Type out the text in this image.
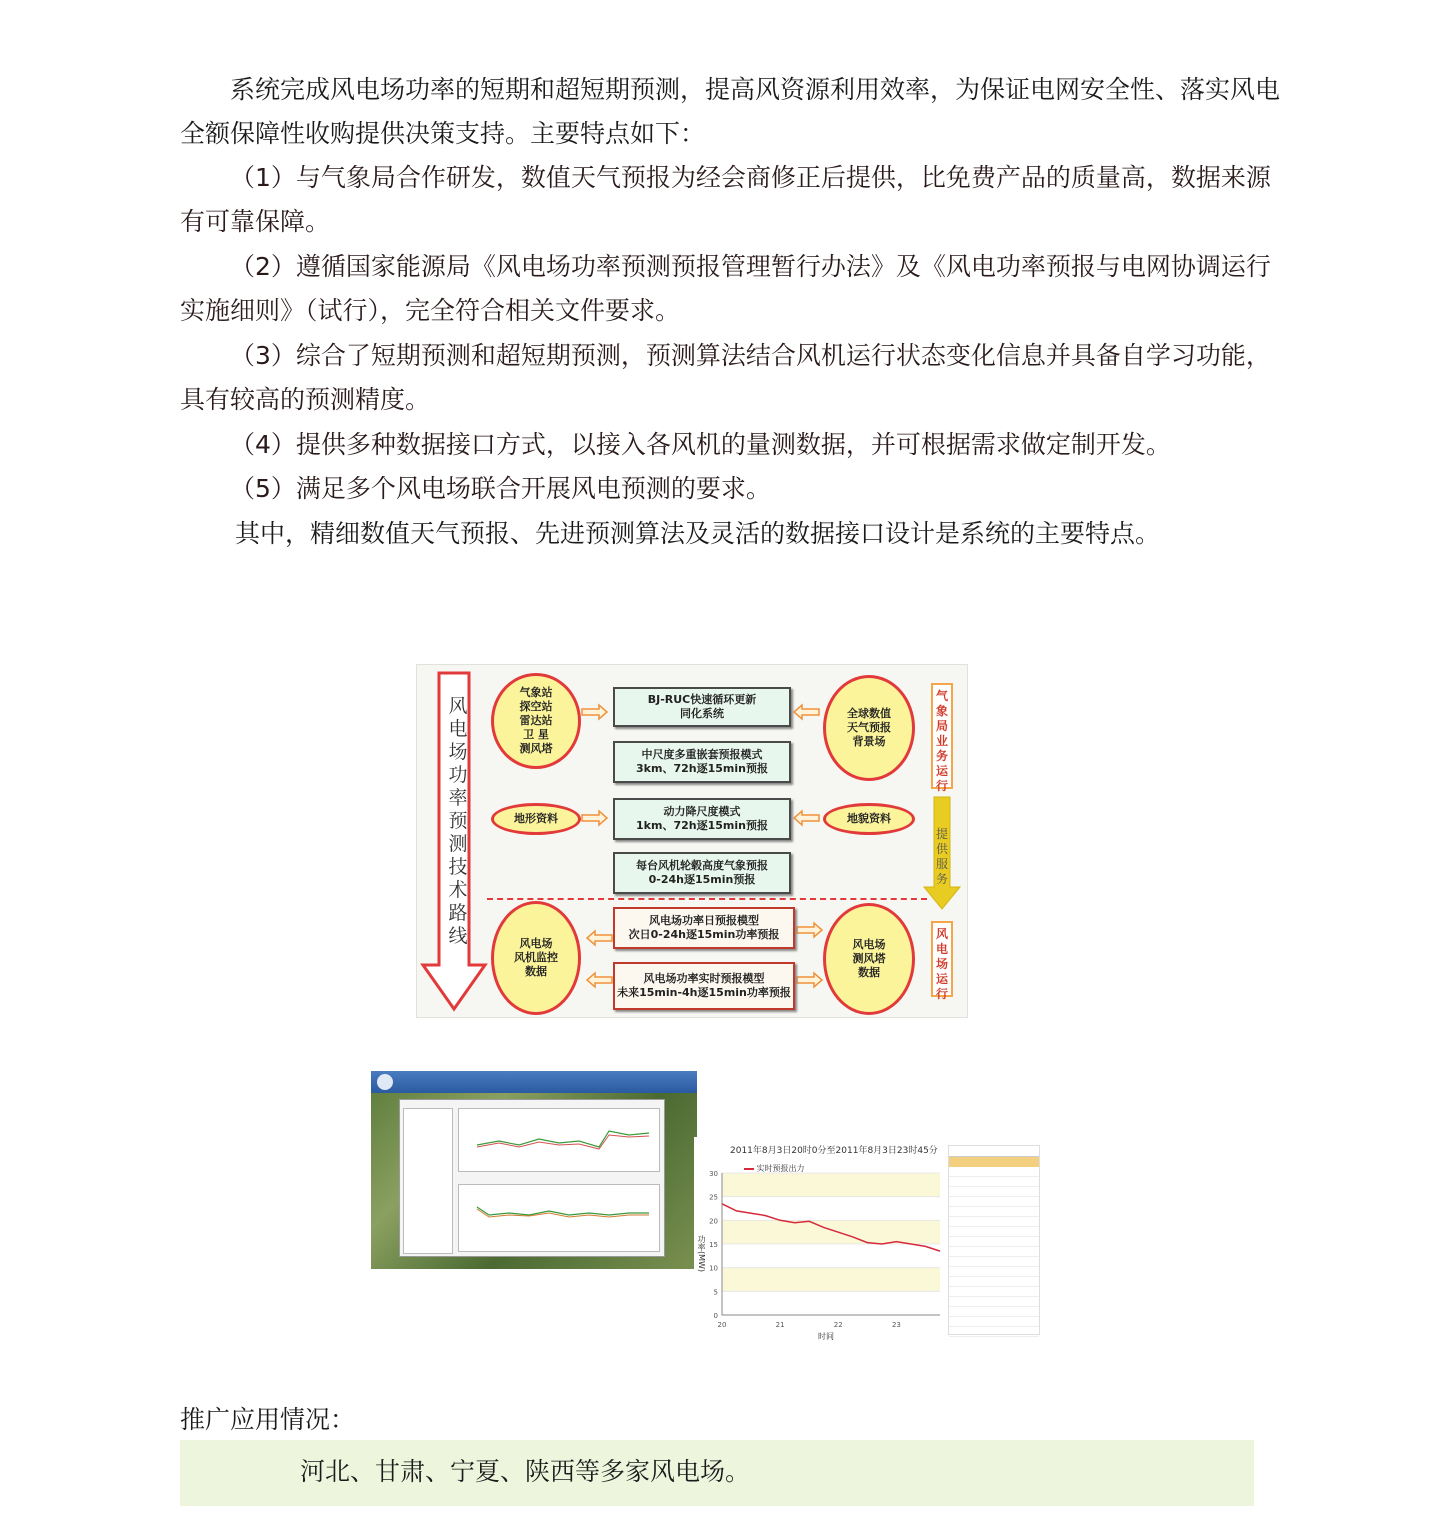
系统完成风电场功率的短期和超短期预测，提高风资源利用效率，为保证电网安全性、落实风电全额保障性收购提供决策支持。主要特点如下：

（1）与气象局合作研发，数值天气预报为经会商修正后提供，比免费产品的质量高，数据来源有可靠保障。

（2）遵循国家能源局《风电场功率预测预报管理暂行办法》及《风电功率预报与电网协调运行实施细则》（试行），完全符合相关文件要求。

（3）综合了短期预测和超短期预测，预测算法结合风机运行状态变化信息并具备自学习功能，具有较高的预测精度。

（4）提供多种数据接口方式，以接入各风机的量测数据，并可根据需求做定制开发。

（5）满足多个风电场联合开展风电预测的要求。

其中，精细数值天气预报、先进预测算法及灵活的数据接口设计是系统的主要特点。

风电场功率预测技术路线
气象站
探空站
雷达站
卫 星
测风塔
地形资料
风电场
风机监控
数据
全球数值
天气预报
背景场
地貌资料
风电场
测风塔
数据
BJ-RUC快速循环更新
同化系统
中尺度多重嵌套预报模式
3km、72h逐15min预报
动力降尺度模式
1km、72h逐15min预报
每台风机轮毂高度气象预报
0-24h逐15min预报
风电场功率日预报模型
次日0-24h逐15min功率预报
风电场功率实时预报模型
未来15min-4h逐15min功率预报
气象局业务运行
提供服务
风电场运行
2011年8月3日20时0分至2011年8月3日23时45分
0
5
10
15
20
25
30
20	21	22	23
实时预报出力
时间
功率(MW)

推广应用情况：

河北、甘肃、宁夏、陕西等多家风电场。
